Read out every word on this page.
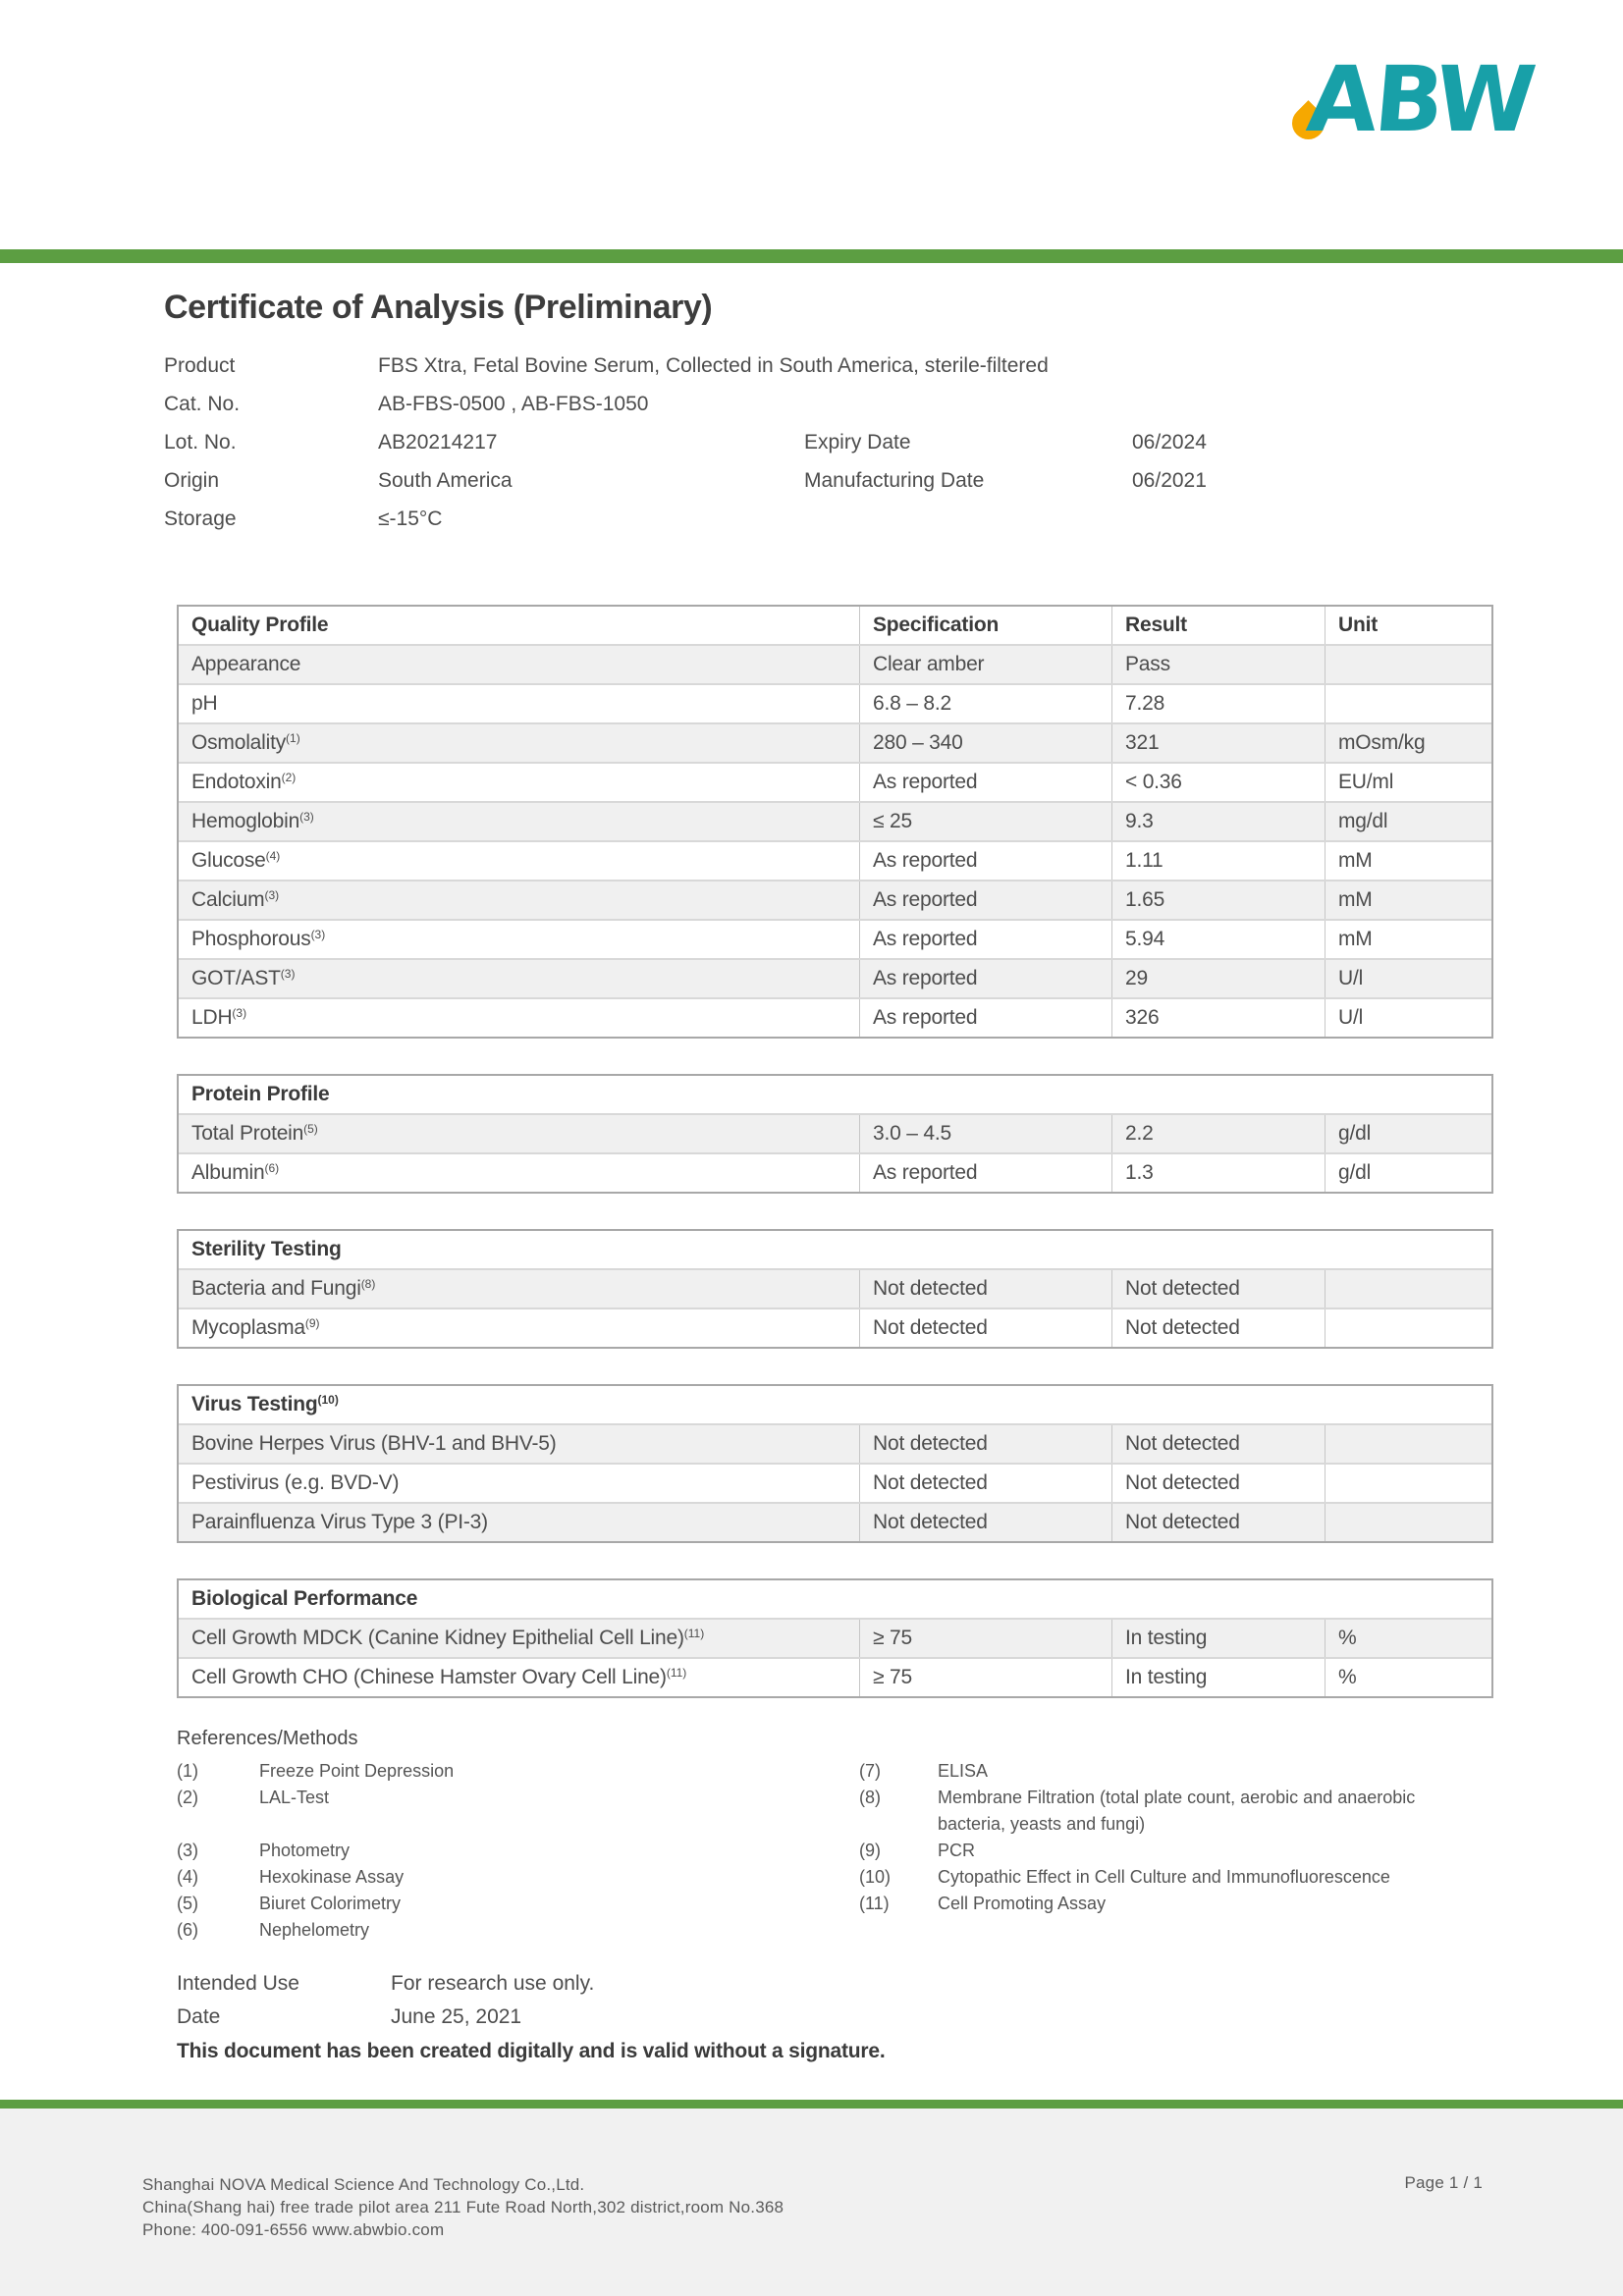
ABW
Certificate of Analysis (Preliminary)
Product	FBS Xtra, Fetal Bovine Serum, Collected in South America, sterile-filtered
Cat. No.	AB-FBS-0500 , AB-FBS-1050
Lot. No.	AB20214217	Expiry Date	06/2024
Origin	South America	Manufacturing Date	06/2021
Storage	≤-15°C
Quality Profile	Specification	Result	Unit
Appearance	Clear amber	Pass
pH	6.8 – 8.2	7.28
Osmolality$^{(1)}$	280 – 340	321	mOsm/kg
Endotoxin$^{(2)}$	As reported	< 0.36	EU/ml
Hemoglobin$^{(3)}$	≤ 25	9.3	mg/dl
Glucose$^{(4)}$	As reported	1.11	mM
Calcium$^{(3)}$	As reported	1.65	mM
Phosphorous$^{(3)}$	As reported	5.94	mM
GOT/AST$^{(3)}$	As reported	29	U/l
LDH$^{(3)}$	As reported	326	U/l
Protein Profile
Total Protein$^{(5)}$	3.0 – 4.5	2.2	g/dl
Albumin$^{(6)}$	As reported	1.3	g/dl
Sterility Testing
Bacteria and Fungi$^{(8)}$	Not detected	Not detected
Mycoplasma$^{(9)}$	Not detected	Not detected
Virus Testing$^{(10)}$
Bovine Herpes Virus (BHV-1 and BHV-5)	Not detected	Not detected
Pestivirus (e.g. BVD-V)	Not detected	Not detected
Parainfluenza Virus Type 3 (PI-3)	Not detected	Not detected
Biological Performance
Cell Growth MDCK (Canine Kidney Epithelial Cell Line)$^{(11)}$	≥ 75	In testing	%
Cell Growth CHO (Chinese Hamster Ovary Cell Line)$^{(11)}$	≥ 75	In testing	%
References/Methods
(1)	Freeze Point Depression	(7)	ELISA
(2)	LAL-Test	(8)	Membrane Filtration (total plate count, aerobic and anaerobic bacteria, yeasts and fungi)
(3)	Photometry	(9)	PCR
(4)	Hexokinase Assay	(10)	Cytopathic Effect in Cell Culture and Immunofluorescence
(5)	Biuret Colorimetry	(11)	Cell Promoting Assay
(6)	Nephelometry
Intended Use	For research use only.
Date	June 25, 2021
This document has been created digitally and is valid without a signature.
Shanghai NOVA Medical Science And Technology Co.,Ltd.
China(Shang hai) free trade pilot area 211 Fute Road North,302 district,room No.368
Phone: 400-091-6556 www.abwbio.com
Page 1 / 1
